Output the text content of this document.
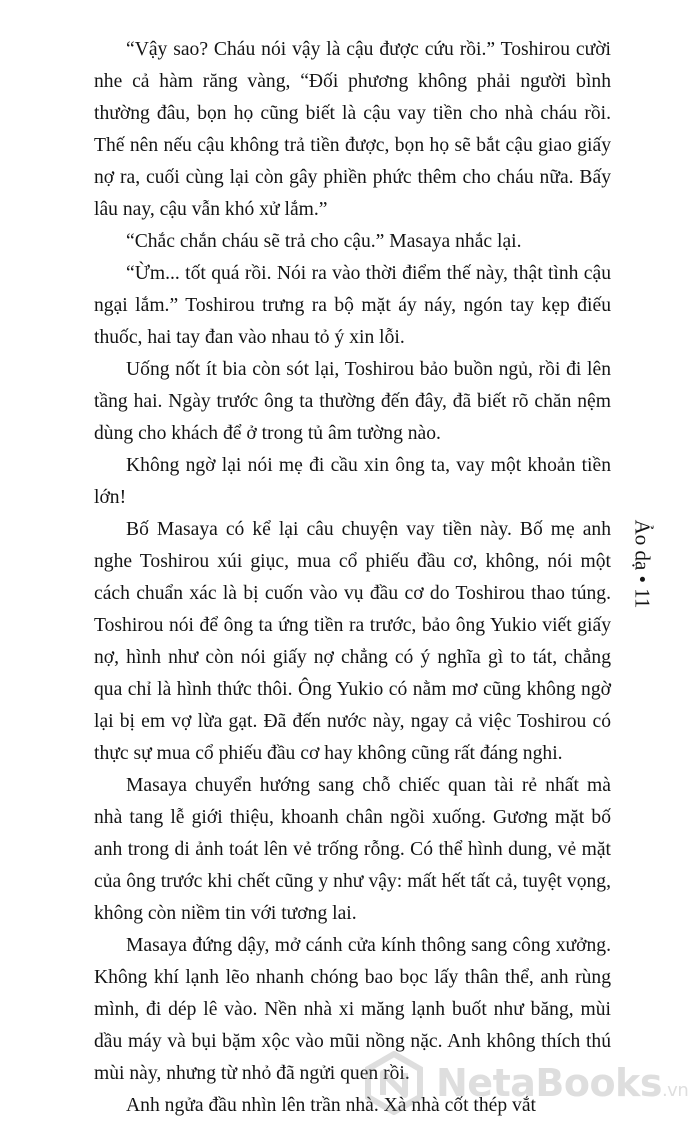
“Vậy sao? Cháu nói vậy là cậu được cứu rồi.” Toshirou cười nhe cả hàm răng vàng, “Đối phương không phải người bình thường đâu, bọn họ cũng biết là cậu vay tiền cho nhà cháu rồi. Thế nên nếu cậu không trả tiền được, bọn họ sẽ bắt cậu giao giấy nợ ra, cuối cùng lại còn gây phiền phức thêm cho cháu nữa. Bấy lâu nay, cậu vẫn khó xử lắm.”

“Chắc chắn cháu sẽ trả cho cậu.” Masaya nhắc lại.

“Ừm... tốt quá rồi. Nói ra vào thời điểm thế này, thật tình cậu ngại lắm.” Toshirou trưng ra bộ mặt áy náy, ngón tay kẹp điếu thuốc, hai tay đan vào nhau tỏ ý xin lỗi.

Uống nốt ít bia còn sót lại, Toshirou bảo buồn ngủ, rồi đi lên tầng hai. Ngày trước ông ta thường đến đây, đã biết rõ chăn nệm dùng cho khách để ở trong tủ âm tường nào.

Không ngờ lại nói mẹ đi cầu xin ông ta, vay một khoản tiền lớn!

Bố Masaya có kể lại câu chuyện vay tiền này. Bố mẹ anh nghe Toshirou xúi giục, mua cổ phiếu đầu cơ, không, nói một cách chuẩn xác là bị cuốn vào vụ đầu cơ do Toshirou thao túng. Toshirou nói để ông ta ứng tiền ra trước, bảo ông Yukio viết giấy nợ, hình như còn nói giấy nợ chẳng có ý nghĩa gì to tát, chẳng qua chỉ là hình thức thôi. Ông Yukio có nằm mơ cũng không ngờ lại bị em vợ lừa gạt. Đã đến nước này, ngay cả việc Toshirou có thực sự mua cổ phiếu đầu cơ hay không cũng rất đáng nghi.

Masaya chuyển hướng sang chỗ chiếc quan tài rẻ nhất mà nhà tang lễ giới thiệu, khoanh chân ngồi xuống. Gương mặt bố anh trong di ảnh toát lên vẻ trống rỗng. Có thể hình dung, vẻ mặt của ông trước khi chết cũng y như vậy: mất hết tất cả, tuyệt vọng, không còn niềm tin với tương lai.

Masaya đứng dậy, mở cánh cửa kính thông sang công xưởng. Không khí lạnh lẽo nhanh chóng bao bọc lấy thân thể, anh rùng mình, đi dép lê vào. Nền nhà xi măng lạnh buốt như băng, mùi dầu máy và bụi bặm xộc vào mũi nồng nặc. Anh không thích thú mùi này, nhưng từ nhỏ đã ngửi quen rồi.

Anh ngửa đầu nhìn lên trần nhà. Xà nhà cốt thép vắt

Ảo dạ • 11
NetaBooks.vn
